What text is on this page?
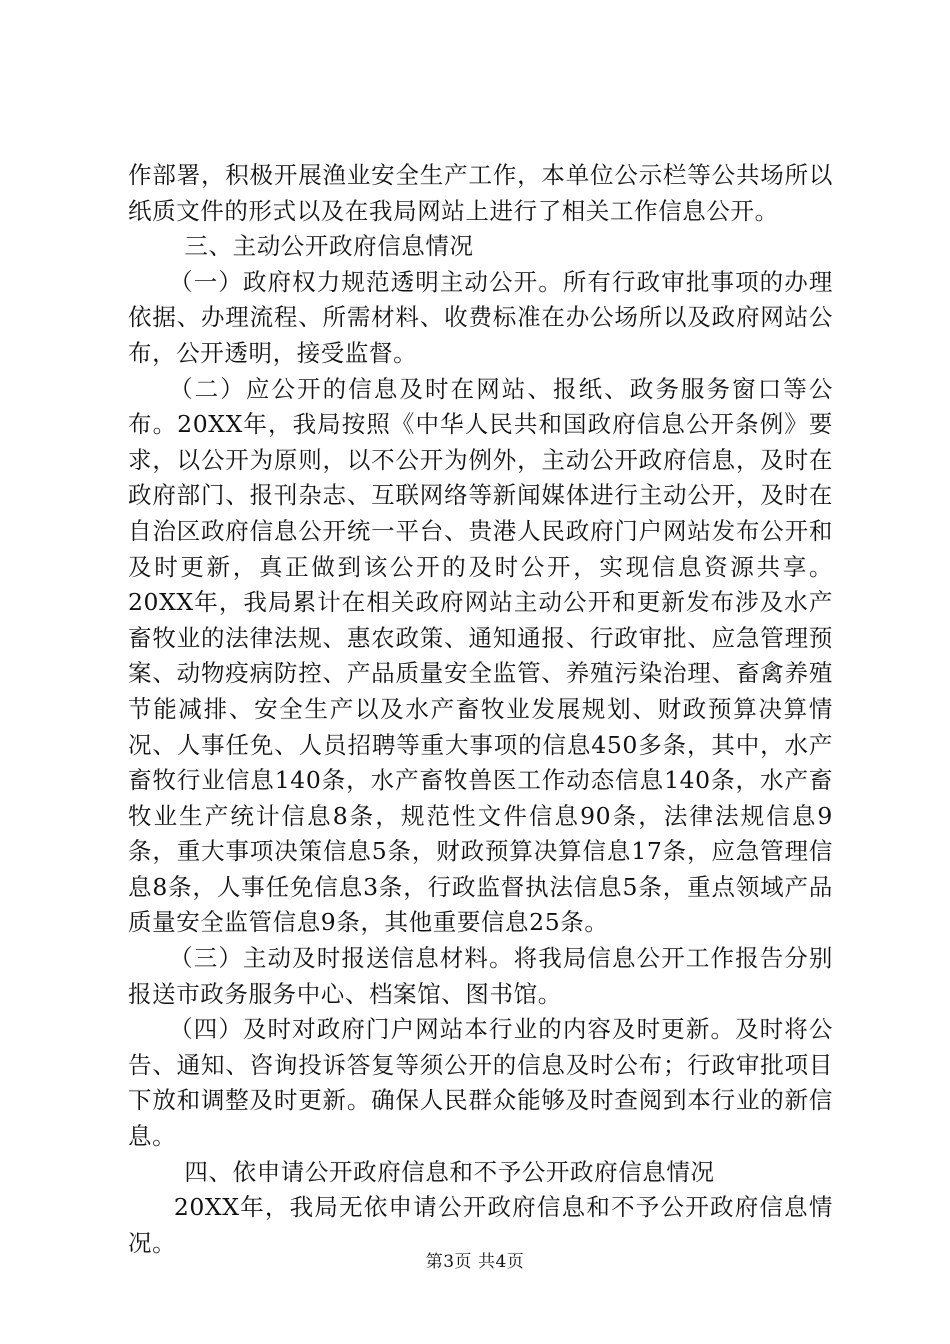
作部署，积极开展渔业安全生产工作，本单位公示栏等公共场所以纸质文件的形式以及在我局网站上进行了相关工作信息公开。

三、主动公开政府信息情况

（一）政府权力规范透明主动公开。所有行政审批事项的办理依据、办理流程、所需材料、收费标准在办公场所以及政府网站公布，公开透明，接受监督。

（二）应公开的信息及时在网站、报纸、政务服务窗口等公布。20XX年，我局按照《中华人民共和国政府信息公开条例》要求，以公开为原则，以不公开为例外，主动公开政府信息，及时在政府部门、报刊杂志、互联网络等新闻媒体进行主动公开，及时在自治区政府信息公开统一平台、贵港人民政府门户网站发布公开和及时更新，真正做到该公开的及时公开，实现信息资源共享。20XX年，我局累计在相关政府网站主动公开和更新发布涉及水产畜牧业的法律法规、惠农政策、通知通报、行政审批、应急管理预案、动物疫病防控、产品质量安全监管、养殖污染治理、畜禽养殖节能减排、安全生产以及水产畜牧业发展规划、财政预算决算情况、人事任免、人员招聘等重大事项的信息450多条，其中，水产畜牧行业信息140条，水产畜牧兽医工作动态信息140条，水产畜牧业生产统计信息8条，规范性文件信息90条，法律法规信息9条，重大事项决策信息5条，财政预算决算信息17条，应急管理信息8条，人事任免信息3条，行政监督执法信息5条，重点领域产品质量安全监管信息9条，其他重要信息25条。

（三）主动及时报送信息材料。将我局信息公开工作报告分别报送市政务服务中心、档案馆、图书馆。

（四）及时对政府门户网站本行业的内容及时更新。及时将公告、通知、咨询投诉答复等须公开的信息及时公布；行政审批项目下放和调整及时更新。确保人民群众能够及时查阅到本行业的新信息。

四、依申请公开政府信息和不予公开政府信息情况

20XX年，我局无依申请公开政府信息和不予公开政府信息情况。

第3页 共4页
